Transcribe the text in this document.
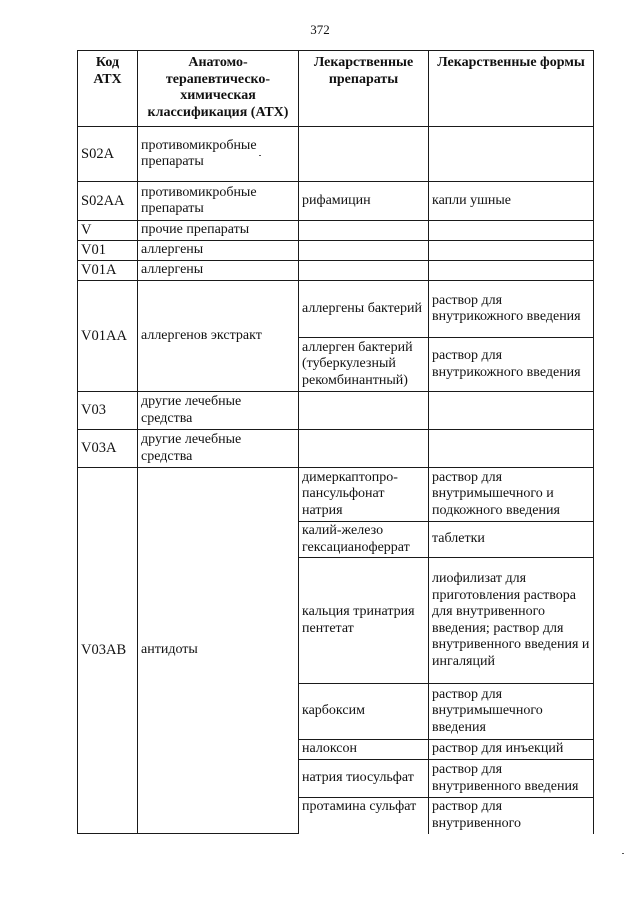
372
Код АТХ	Анатомо-терапевтическо-химическая классификация (АТХ)	Лекарственные препараты	Лекарственные формы
S02A	противомикробные препараты		
S02AA	противомикробные препараты	рифамицин	капли ушные
V	прочие препараты		
V01	аллергены		
V01A	аллергены		
V01AA	аллергенов экстракт	аллергены бактерий	раствор для внутрикожного введения
		аллерген бактерий (туберкулезный рекомбинантный)	раствор для внутрикожного введения
V03	другие лечебные средства		
V03A	другие лечебные средства		
V03AB	антидоты	димеркаптопро-пансульфонат натрия	раствор для внутримышечного и подкожного введения
		калий-железо гексацианоферрат	таблетки
		кальция тринатрия пентетат	лиофилизат для приготовления раствора для внутривенного введения; раствор для внутривенного введения и ингаляций
		карбоксим	раствор для внутримышечного введения
		налоксон	раствор для инъекций
		натрия тиосульфат	раствор для внутривенного введения
		протамина сульфат	раствор для внутривенного
